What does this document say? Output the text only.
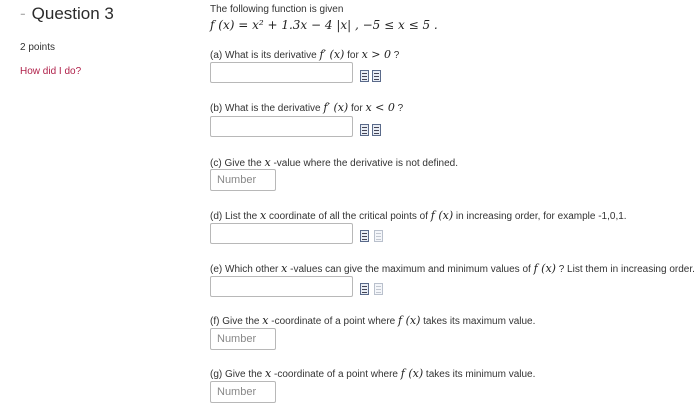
- Question 3
2 points
How did I do?
The following function is given
f (x) = x² + 1.3x − 4 |x| , −5 ≤ x ≤ 5 .
(a) What is its derivative f′ (x) for x > 0 ?
(b) What is the derivative f′ (x) for x < 0 ?
(c) Give the x -value where the derivative is not defined.
Number
(d) List the x coordinate of all the critical points of f (x) in increasing order, for example -1,0,1.
(e) Which other x -values can give the maximum and minimum values of f (x) ? List them in increasing order.
(f) Give the x -coordinate of a point where f (x) takes its maximum value.
Number
(g) Give the x -coordinate of a point where f (x) takes its minimum value.
Number
